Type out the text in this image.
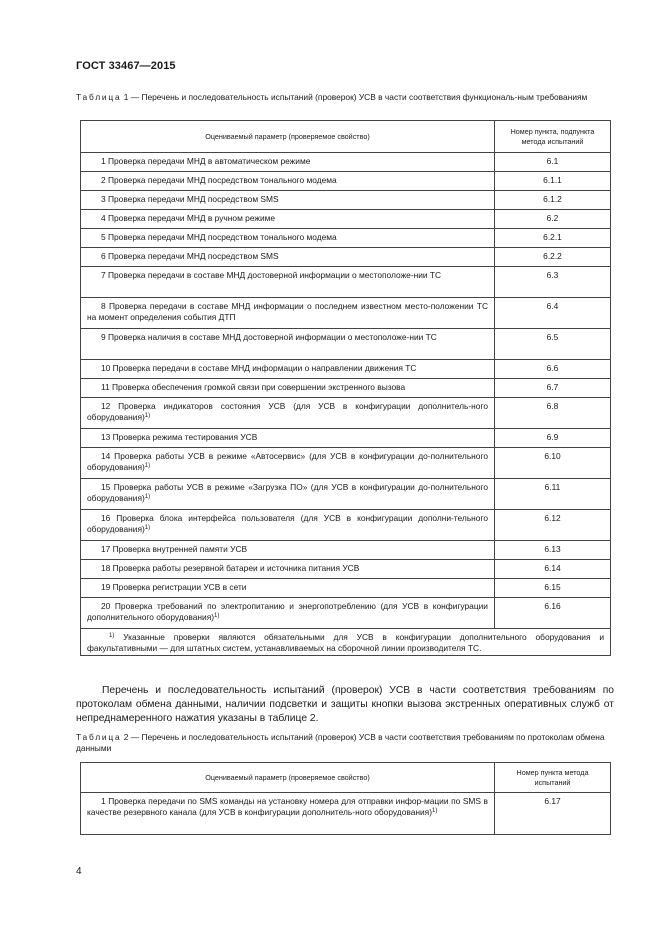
ГОСТ 33467—2015
Таблица 1 — Перечень и последовательность испытаний (проверок) УСВ в части соответствия функциональ-ным требованиям
Оцениваемый параметр (проверяемое свойство)	Номер пункта, подпункта метода испытаний
1 Проверка передачи МНД в автоматическом режиме	6.1
2 Проверка передачи МНД посредством тонального модема	6.1.1
3 Проверка передачи МНД посредством SMS	6.1.2
4 Проверка передачи МНД в ручном режиме	6.2
5 Проверка передачи МНД посредством тонального модема	6.2.1
6 Проверка передачи МНД посредством SMS	6.2.2
7 Проверка передачи в составе МНД достоверной информации о местоположе-нии ТС	6.3
8 Проверка передачи в составе МНД информации о последнем известном место-положении ТС на момент определения события ДТП	6.4
9 Проверка наличия в составе МНД достоверной информации о местоположе-нии ТС	6.5
10 Проверка передачи в составе МНД информации о направлении движения ТС	6.6
11 Проверка обеспечения громкой связи при совершении экстренного вызова	6.7
12 Проверка индикаторов состояния УСВ (для УСВ в конфигурации дополнитель-ного оборудования)$^{1)}$	6.8
13 Проверка режима тестирования УСВ	6.9
14 Проверка работы УСВ в режиме «Автосервис» (для УСВ в конфигурации до-полнительного оборудования)$^{1)}$	6.10
15 Проверка работы УСВ в режиме «Загрузка ПО» (для УСВ в конфигурации до-полнительного оборудования)$^{1)}$	6.11
16 Проверка блока интерфейса пользователя (для УСВ в конфигурации дополни-тельного оборудования)$^{1)}$	6.12
17 Проверка внутренней памяти УСВ	6.13
18 Проверка работы резервной батареи и источника питания УСВ	6.14
19 Проверка регистрации УСВ в сети	6.15
20 Проверка требований по электропитанию и энергопотреблению (для УСВ в конфигурации дополнительного оборудования)$^{1)}$	6.16
$^{1)}$ Указанные проверки являются обязательными для УСВ в конфигурации дополнительного оборудования и факультативными — для штатных систем, устанавливаемых на сборочной линии производителя ТС.	
Перечень и последовательность испытаний (проверок) УСВ в части соответствия требованиям по протоколам обмена данными, наличии подсветки и защиты кнопки вызова экстренных оперативных служб от непреднамеренного нажатия указаны в таблице 2.
Таблица 2 — Перечень и последовательность испытаний (проверок) УСВ в части соответствия требованиям по протоколам обмена данными
Оцениваемый параметр (проверяемое свойство)	Номер пункта метода испытаний
1 Проверка передачи по SMS команды на установку номера для отправки инфор-мации по SMS в качестве резервного канала (для УСВ в конфигурации дополнитель-ного оборудования)$^{1)}$	6.17
4
